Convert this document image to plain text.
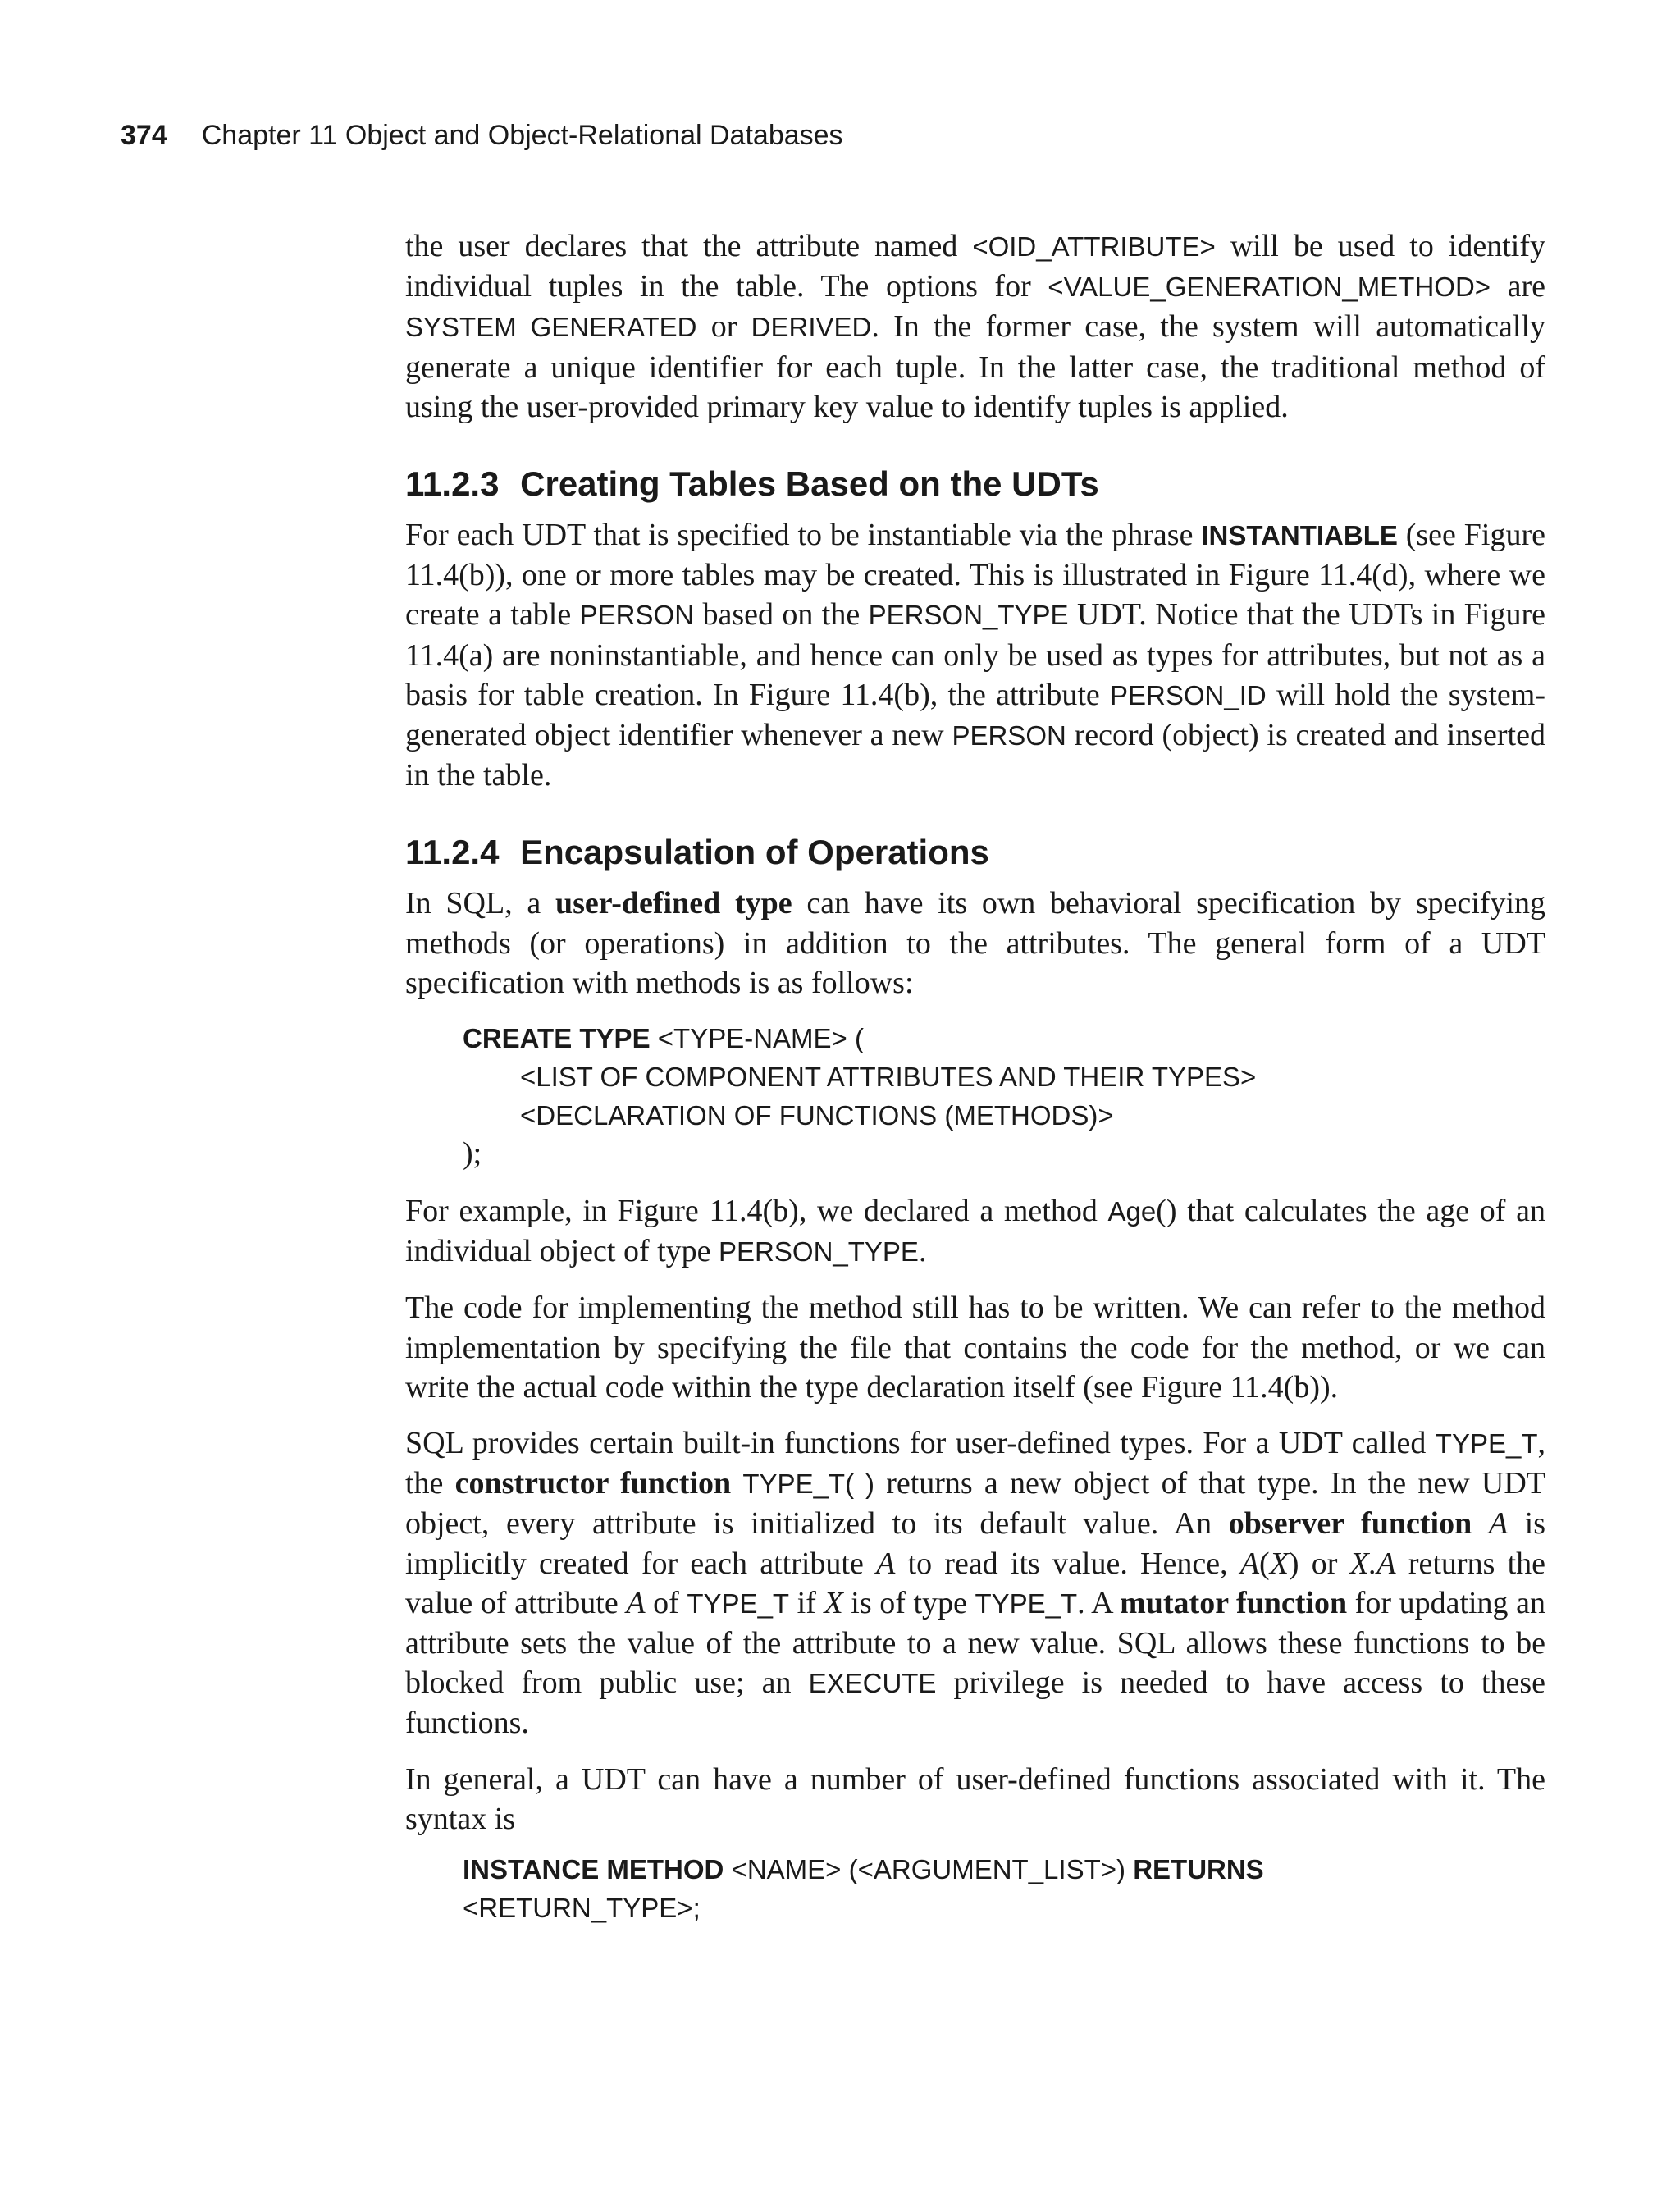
374 Chapter 11 Object and Object-Relational Databases

the user declares that the attribute named <OID_ATTRIBUTE> will be used to identify individual tuples in the table. The options for <VALUE_GENERATION_METHOD> are SYSTEM GENERATED or DERIVED. In the former case, the system will automatically generate a unique identifier for each tuple. In the latter case, the traditional method of using the user-provided primary key value to identify tuples is applied.

11.2.3 Creating Tables Based on the UDTs

For each UDT that is specified to be instantiable via the phrase INSTANTIABLE (see Figure 11.4(b)), one or more tables may be created. This is illustrated in Figure 11.4(d), where we create a table PERSON based on the PERSON_TYPE UDT. Notice that the UDTs in Figure 11.4(a) are noninstantiable, and hence can only be used as types for attributes, but not as a basis for table creation. In Figure 11.4(b), the attribute PERSON_ID will hold the system-generated object identifier whenever a new PERSON record (object) is created and inserted in the table.

11.2.4 Encapsulation of Operations

In SQL, a user-defined type can have its own behavioral specification by specifying methods (or operations) in addition to the attributes. The general form of a UDT specification with methods is as follows:

CREATE TYPE <TYPE-NAME> (
<LIST OF COMPONENT ATTRIBUTES AND THEIR TYPES>
<DECLARATION OF FUNCTIONS (METHODS)>
);

For example, in Figure 11.4(b), we declared a method Age() that calculates the age of an individual object of type PERSON_TYPE.

The code for implementing the method still has to be written. We can refer to the method implementation by specifying the file that contains the code for the method, or we can write the actual code within the type declaration itself (see Figure 11.4(b)).

SQL provides certain built-in functions for user-defined types. For a UDT called TYPE_T, the constructor function TYPE_T( ) returns a new object of that type. In the new UDT object, every attribute is initialized to its default value. An observer function A is implicitly created for each attribute A to read its value. Hence, A(X) or X.A returns the value of attribute A of TYPE_T if X is of type TYPE_T. A mutator function for updating an attribute sets the value of the attribute to a new value. SQL allows these functions to be blocked from public use; an EXECUTE privilege is needed to have access to these functions.

In general, a UDT can have a number of user-defined functions associated with it. The syntax is

INSTANCE METHOD <NAME> (<ARGUMENT_LIST>) RETURNS
<RETURN_TYPE>;
